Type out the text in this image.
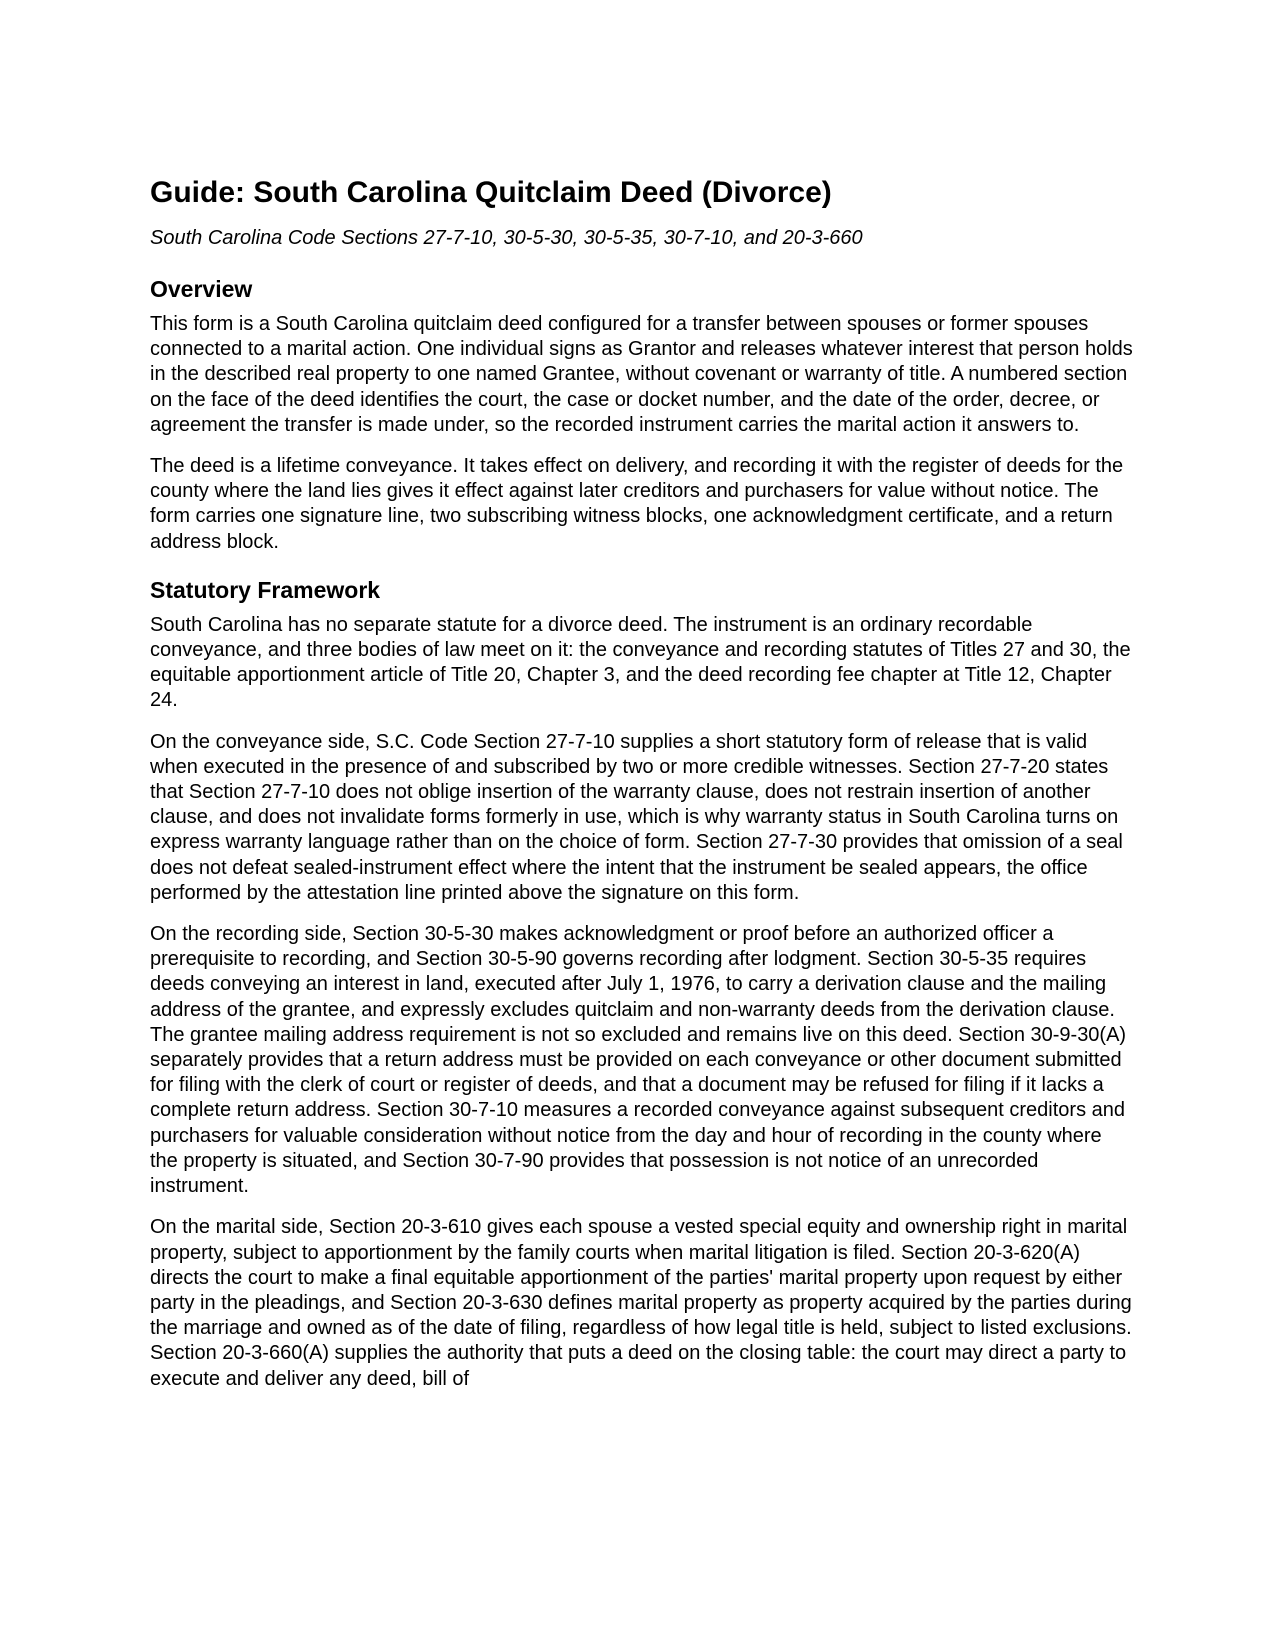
Guide: South Carolina Quitclaim Deed (Divorce)

South Carolina Code Sections 27-7-10, 30-5-30, 30-5-35, 30-7-10, and 20-3-660

Overview

This form is a South Carolina quitclaim deed configured for a transfer between spouses or former spouses connected to a marital action. One individual signs as Grantor and releases whatever interest that person holds in the described real property to one named Grantee, without covenant or warranty of title. A numbered section on the face of the deed identifies the court, the case or docket number, and the date of the order, decree, or agreement the transfer is made under, so the recorded instrument carries the marital action it answers to.

The deed is a lifetime conveyance. It takes effect on delivery, and recording it with the register of deeds for the county where the land lies gives it effect against later creditors and purchasers for value without notice. The form carries one signature line, two subscribing witness blocks, one acknowledgment certificate, and a return address block.

Statutory Framework

South Carolina has no separate statute for a divorce deed. The instrument is an ordinary recordable conveyance, and three bodies of law meet on it: the conveyance and recording statutes of Titles 27 and 30, the equitable apportionment article of Title 20, Chapter 3, and the deed recording fee chapter at Title 12, Chapter 24.

On the conveyance side, S.C. Code Section 27-7-10 supplies a short statutory form of release that is valid when executed in the presence of and subscribed by two or more credible witnesses. Section 27-7-20 states that Section 27-7-10 does not oblige insertion of the warranty clause, does not restrain insertion of another clause, and does not invalidate forms formerly in use, which is why warranty status in South Carolina turns on express warranty language rather than on the choice of form. Section 27-7-30 provides that omission of a seal does not defeat sealed-instrument effect where the intent that the instrument be sealed appears, the office performed by the attestation line printed above the signature on this form.

On the recording side, Section 30-5-30 makes acknowledgment or proof before an authorized officer a prerequisite to recording, and Section 30-5-90 governs recording after lodgment. Section 30-5-35 requires deeds conveying an interest in land, executed after July 1, 1976, to carry a derivation clause and the mailing address of the grantee, and expressly excludes quitclaim and non-warranty deeds from the derivation clause. The grantee mailing address requirement is not so excluded and remains live on this deed. Section 30-9-30(A) separately provides that a return address must be provided on each conveyance or other document submitted for filing with the clerk of court or register of deeds, and that a document may be refused for filing if it lacks a complete return address. Section 30-7-10 measures a recorded conveyance against subsequent creditors and purchasers for valuable consideration without notice from the day and hour of recording in the county where the property is situated, and Section 30-7-90 provides that possession is not notice of an unrecorded instrument.

On the marital side, Section 20-3-610 gives each spouse a vested special equity and ownership right in marital property, subject to apportionment by the family courts when marital litigation is filed. Section 20-3-620(A) directs the court to make a final equitable apportionment of the parties' marital property upon request by either party in the pleadings, and Section 20-3-630 defines marital property as property acquired by the parties during the marriage and owned as of the date of filing, regardless of how legal title is held, subject to listed exclusions. Section 20-3-660(A) supplies the authority that puts a deed on the closing table: the court may direct a party to execute and deliver any deed, bill of
